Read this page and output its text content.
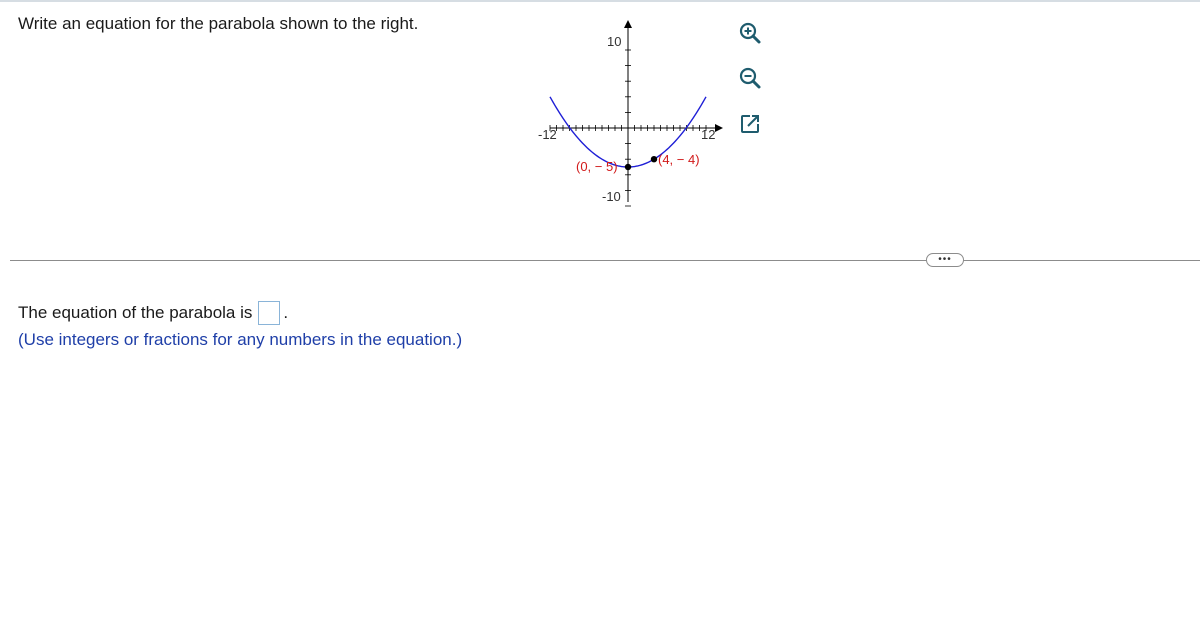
Write an equation for the parabola shown to the right.
-12	12
10
-10
(0, − 5)	(4, − 4)
•••
The equation of the parabola is .
(Use integers or fractions for any numbers in the equation.)
